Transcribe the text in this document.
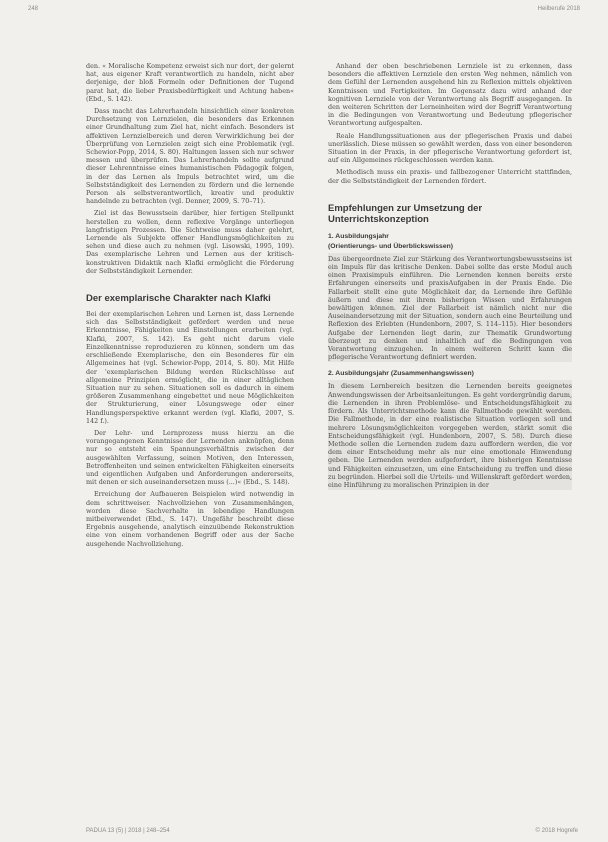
248	Heilberufe 2018

den. « Moralische Kompetenz erweist sich nur dort, der gelernt hat, aus eigener Kraft verantwortlich zu handeln, nicht aber derjenige, der bloß Formeln oder Definitionen der Tugend parat hat, die lieber Praxisbedürftigkeit und Achtung haben« (Ebd., S. 142).

Dass macht das Lehrerhandeln hinsichtlich einer konkreten Durchsetzung von Lernzielen, die besonders das Erkennen einer Grundhaltung zum Ziel hat, nicht einfach. Besonders ist affektiven Lernzielbereich und deren Verwirklichung bei der Überprüfung von Lernzielen zeigt sich eine Problematik (vgl. Schewior-Popp, 2014, S. 80). Haltungen lassen sich nur schwer messen und überprüfen. Das Lehrerhandeln sollte aufgrund dieser Lehrenntnisse eines humanistischen Pädagogik folgen, in der das Lernen als Impuls betrachtet wird, um die Selbstständigkeit des Lernenden zu fördern und die lernende Person als selbstverantwortlich, kreativ und produktiv handelnde zu betrachten (vgl. Denner, 2009, S. 70–71).

Ziel ist das Bewusstsein darüber, hier fertigen Stellpunkt herstellen zu wollen, denn reflexive Vorgänge unterliegen langfristigen Prozessen. Die Sichtweise muss daher gelehrt, Lernende als Subjekte offener Handlungsmöglichkeiten zu sehen und diese auch zu nehmen (vgl. Lisowski, 1995, 109). Das exemplarische Lehren und Lernen aus der kritisch-konstruktiven Didaktik nach Klafki ermöglicht die Förderung der Selbstständigkeit Lernender.

Der exemplarische Charakter nach Klafki

Bei der exemplarischen Lehren und Lernen ist, dass Lernende sich das Selbstständigkeit gefördert werden und neue Erkenntnisse, Fähigkeiten und Einstellungen erarbeiten (vgl. Klafki, 2007, S. 142). Es geht nicht darum viele Einzelkenntnisse reproduzieren zu können, sondern um das erschließende Exemplarische, den ein Besonderes für ein Allgemeines hat (vgl. Schewior-Popp, 2014, S. 80). Mit Hilfe der 'exemplarischen Bildung werden Rückschlüsse auf allgemeine Prinzipien ermöglicht, die in einer alltäglichen Situation nur zu sehen. Situationen soll es dadurch in einem größeren Zusammenhang eingebettet und neue Möglichkeiten der Strukturierung, einer Lösungswege oder einer Handlungsperspektive erkannt werden (vgl. Klafki, 2007, S. 142 f.).

Der Lehr- und Lernprozess muss hierzu an die vorangegangenen Kenntnisse der Lernenden anknüpfen, denn nur so entsteht ein Spannungsverhältnis zwischen der ausgewählten Verfassung, seinen Motiven, den Interessen, Betroffenheiten und seinen entwickelten Fähigkeiten einerseits und eigentlichen Aufgaben und Anforderungen andererseits, mit denen er sich auseinandersetzen muss (...)« (Ebd., S. 148).

Erreichung der Aufbaueren Beispielen wird notwendig in dem schrittweiser. Nachvollziehen von Zusammenhängen, worden diese Sachverhalte in lebendige Handlungen mitbeiverwendet (Ebd., S. 147). Ungefähr beschreibt diese Ergebnis ausgehende, analytisch einzuübende Rekonstruktion eine von einem vorhandenen Begriff oder aus der Sache ausgehende Nachvollziehung.

Anhand der oben beschriebenen Lernziele ist zu erkennen, dass besonders die affektiven Lernziele den ersten Weg nehmen, nämlich von dem Gefühl der Lernenden ausgehend hin zu Reflexion mittels objektiven Kenntnissen und Fertigkeiten. Im Gegensatz dazu wird anhand der kognitiven Lernziele von der Verantwortung als Begriff ausgegangen. In den weiteren Schritten der Lerneinheiten wird der Begriff Verantwortung in die Bedingungen von Verantwortung und Bedeutung pflegerischer Verantwortung aufgespalten.

Reale Handlungssituationen aus der pflegerischen Praxis und dabei unerlässlich. Diese müssen so gewählt werden, dass von einer besonderen Situation in der Praxis, in der pflegerische Verantwortung gefordert ist, auf ein Allgemeines rückgeschlossen werden kann.

Methodisch muss ein praxis- und fallbezogener Unterricht stattfinden, der die Selbstständigkeit der Lernenden fördert.

Empfehlungen zur Umsetzung der Unterrichtskonzeption
1. Ausbildungsjahr
(Orientierungs- und Überblickswissen)

Das übergeordnete Ziel zur Stärkung des Verantwortungsbewusstseins ist ein Impuls für das kritische Denken. Dabei sollte das erste Modul auch einen Praxisimpuls einführen. Die Lernenden kennen bereits erste Erfahrungen einerseits und praxisAufgaben in der Praxis Ende. Die Fallarbeit stellt eine gute Möglichkeit dar, da Lernende ihre Gefühle äußern und diese mit ihrem bisherigen Wissen und Erfahrungen bewältigen können. Ziel der Fallarbeit ist nämlich nicht nur die Auseinandersetzung mit der Situation, sondern auch eine Beurteilung und Reflexion des Erlebten (Hundenborn, 2007, S. 114–115). Hier besonders Aufgabe der Lernenden liegt darin, zur Thematik Grundwortung überzeugt zu denken und inhaltlich auf die Bedingungen von Verantwortung einzugehen. In einem weiteren Schritt kann die pflegerische Verantwortung definiert werden.

2. Ausbildungsjahr (Zusammenhangswissen)

In diesem Lernbereich besitzen die Lernenden bereits geeignetes Anwendungswissen der Arbeitsanleitungen. Es geht vordergründig darum, die Lernenden in ihren Problemlöse- und Entscheidungsfähigkeit zu fördern. Als Unterrichtsmethode kann die Fallmethode gewählt werden. Die Fallmethode, in der eine realistische Situation vorliegen soll und mehrere Lösungsmöglichkeiten vorgegeben werden, stärkt somit die Entscheidungsfähigkeit (vgl. Hundenborn, 2007, S. 58). Durch diese Methode sollen die Lernenden zudem dazu auffordern werden, die vor dem einer Entscheidung mehr als nur eine emotionale Hinwendung geben. Die Lernenden werden aufgefordert, ihre bisherigen Kenntnisse und Fähigkeiten einzusetzen, um eine Entscheidung zu treffen und diese zu begründen. Hierbei soll die Urteils- und Willenskraft gefördert werden, eine Hinführung zu moralischen Prinzipien in der

PADUA 13 (5) | 2018 | 248–254	© 2018 Hogrefe
